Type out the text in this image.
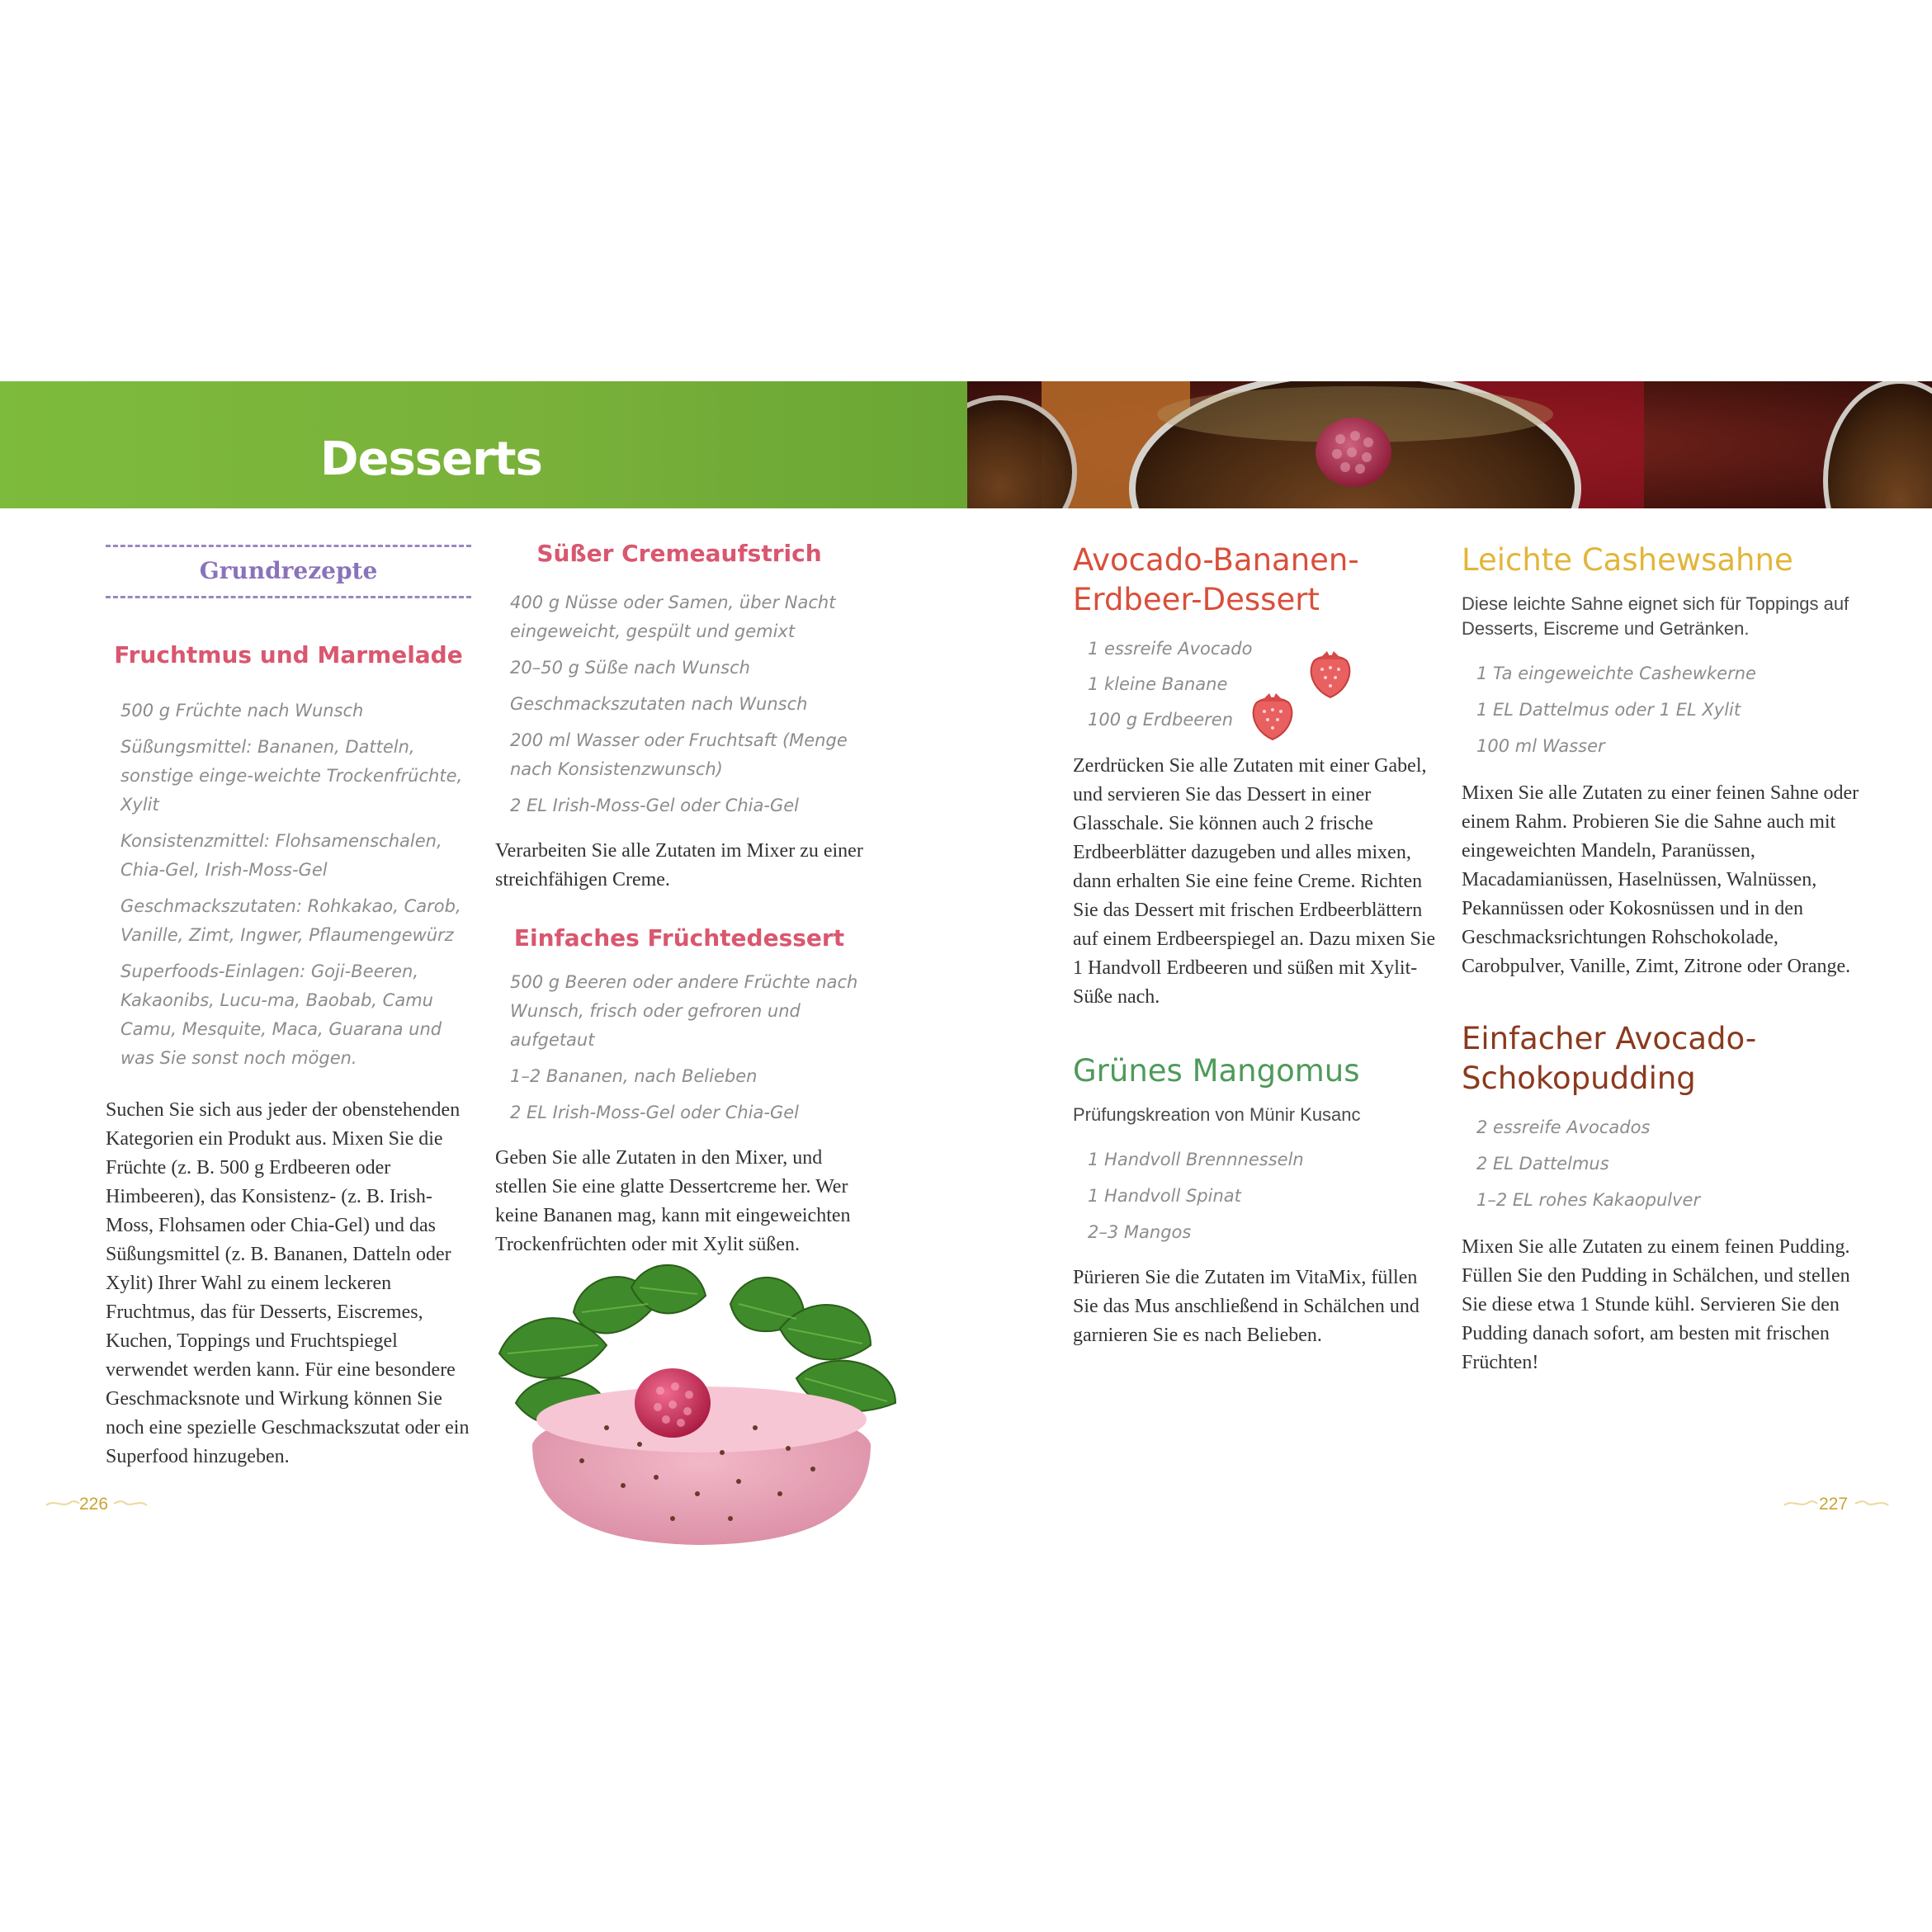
Desserts
Grundrezepte
Fruchtmus und Marmelade
500 g Früchte nach Wunsch
Süßungsmittel: Bananen, Datteln, sonstige einge-weichte Trockenfrüchte, Xylit
Konsistenzmittel: Flohsamenschalen, Chia-Gel, Irish-Moss-Gel
Geschmackszutaten: Rohkakao, Carob, Vanille, Zimt, Ingwer, Pflaumengewürz
Superfoods-Einlagen: Goji-Beeren, Kakaonibs, Lucu-ma, Baobab, Camu Camu, Mesquite, Maca, Guarana und was Sie sonst noch mögen.

Suchen Sie sich aus jeder der obenstehenden Kategorien ein Produkt aus. Mixen Sie die Früchte (z. B. 500 g Erdbeeren oder Himbeeren), das Konsistenz- (z. B. Irish-Moss, Flohsamen oder Chia-Gel) und das Süßungsmittel (z. B. Bananen, Datteln oder Xylit) Ihrer Wahl zu einem leckeren Fruchtmus, das für Desserts, Eiscremes, Kuchen, Toppings und Fruchtspiegel verwendet werden kann. Für eine besondere Geschmacksnote und Wirkung können Sie noch eine spezielle Geschmackszutat oder ein Superfood hinzugeben.

Süßer Cremeaufstrich
400 g Nüsse oder Samen, über Nacht eingeweicht, gespült und gemixt
20–50 g Süße nach Wunsch
Geschmackszutaten nach Wunsch
200 ml Wasser oder Fruchtsaft (Menge nach Konsistenzwunsch)
2 EL Irish-Moss-Gel oder Chia-Gel

Verarbeiten Sie alle Zutaten im Mixer zu einer streichfähigen Creme.

Einfaches Früchtedessert
500 g Beeren oder andere Früchte nach Wunsch, frisch oder gefroren und aufgetaut
1–2 Bananen, nach Belieben
2 EL Irish-Moss-Gel oder Chia-Gel

Geben Sie alle Zutaten in den Mixer, und stellen Sie eine glatte Dessertcreme her. Wer keine Bananen mag, kann mit eingeweichten Trockenfrüchten oder mit Xylit süßen.

226
Avocado-Bananen-Erdbeer-Dessert
1 essreife Avocado
1 kleine Banane
100 g Erdbeeren

Zerdrücken Sie alle Zutaten mit einer Gabel, und servieren Sie das Dessert in einer Glasschale. Sie können auch 2 frische Erdbeerblätter dazugeben und alles mixen, dann erhalten Sie eine feine Creme. Richten Sie das Dessert mit frischen Erdbeerblättern auf einem Erdbeerspiegel an. Dazu mixen Sie 1 Handvoll Erdbeeren und süßen mit Xylit-Süße nach.

Grünes Mangomus

Prüfungskreation von Münir Kusanc

1 Handvoll Brennnesseln
1 Handvoll Spinat
2–3 Mangos

Pürieren Sie die Zutaten im VitaMix, füllen Sie das Mus anschließend in Schälchen und garnieren Sie es nach Belieben.

Leichte Cashewsahne

Diese leichte Sahne eignet sich für Toppings auf Desserts, Eiscreme und Getränken.

1 Ta eingeweichte Cashewkerne
1 EL Dattelmus oder 1 EL Xylit
100 ml Wasser

Mixen Sie alle Zutaten zu einer feinen Sahne oder einem Rahm. Probieren Sie die Sahne auch mit eingeweichten Mandeln, Paranüssen, Macadamianüssen, Haselnüssen, Walnüssen, Pekannüssen oder Kokosnüssen und in den Geschmacksrichtungen Rohschokolade, Carobpulver, Vanille, Zimt, Zitrone oder Orange.

Einfacher Avocado-Schokopudding
2 essreife Avocados
2 EL Dattelmus
1–2 EL rohes Kakaopulver

Mixen Sie alle Zutaten zu einem feinen Pudding. Füllen Sie den Pudding in Schälchen, und stellen Sie diese etwa 1 Stunde kühl. Servieren Sie den Pudding danach sofort, am besten mit frischen Früchten!

227
